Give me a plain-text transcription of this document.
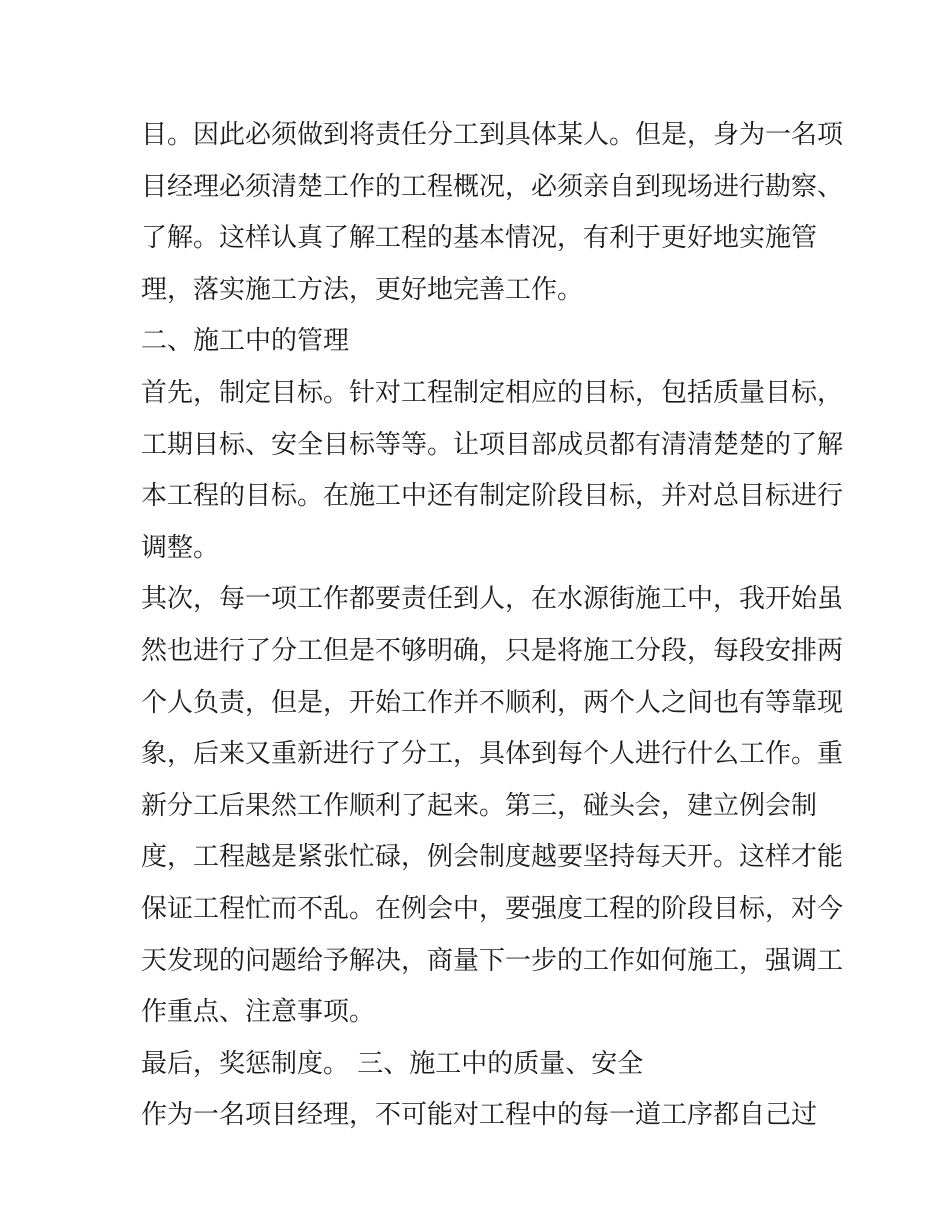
目。因此必须做到将责任分工到具体某人。但是，身为一名项
目经理必须清楚工作的工程概况，必须亲自到现场进行勘察、
了解。这样认真了解工程的基本情况，有利于更好地实施管
理，落实施工方法，更好地完善工作。
二、施工中的管理
首先，制定目标。针对工程制定相应的目标，包括质量目标，
工期目标、安全目标等等。让项目部成员都有清清楚楚的了解
本工程的目标。在施工中还有制定阶段目标，并对总目标进行
调整。
其次，每一项工作都要责任到人，在水源街施工中，我开始虽
然也进行了分工但是不够明确，只是将施工分段，每段安排两
个人负责，但是，开始工作并不顺利，两个人之间也有等靠现
象，后来又重新进行了分工，具体到每个人进行什么工作。重
新分工后果然工作顺利了起来。第三，碰头会，建立例会制
度，工程越是紧张忙碌，例会制度越要坚持每天开。这样才能
保证工程忙而不乱。在例会中，要强度工程的阶段目标，对今
天发现的问题给予解决，商量下一步的工作如何施工，强调工
作重点、注意事项。
最后，奖惩制度。 三、施工中的质量、安全
作为一名项目经理，不可能对工程中的每一道工序都自己过
